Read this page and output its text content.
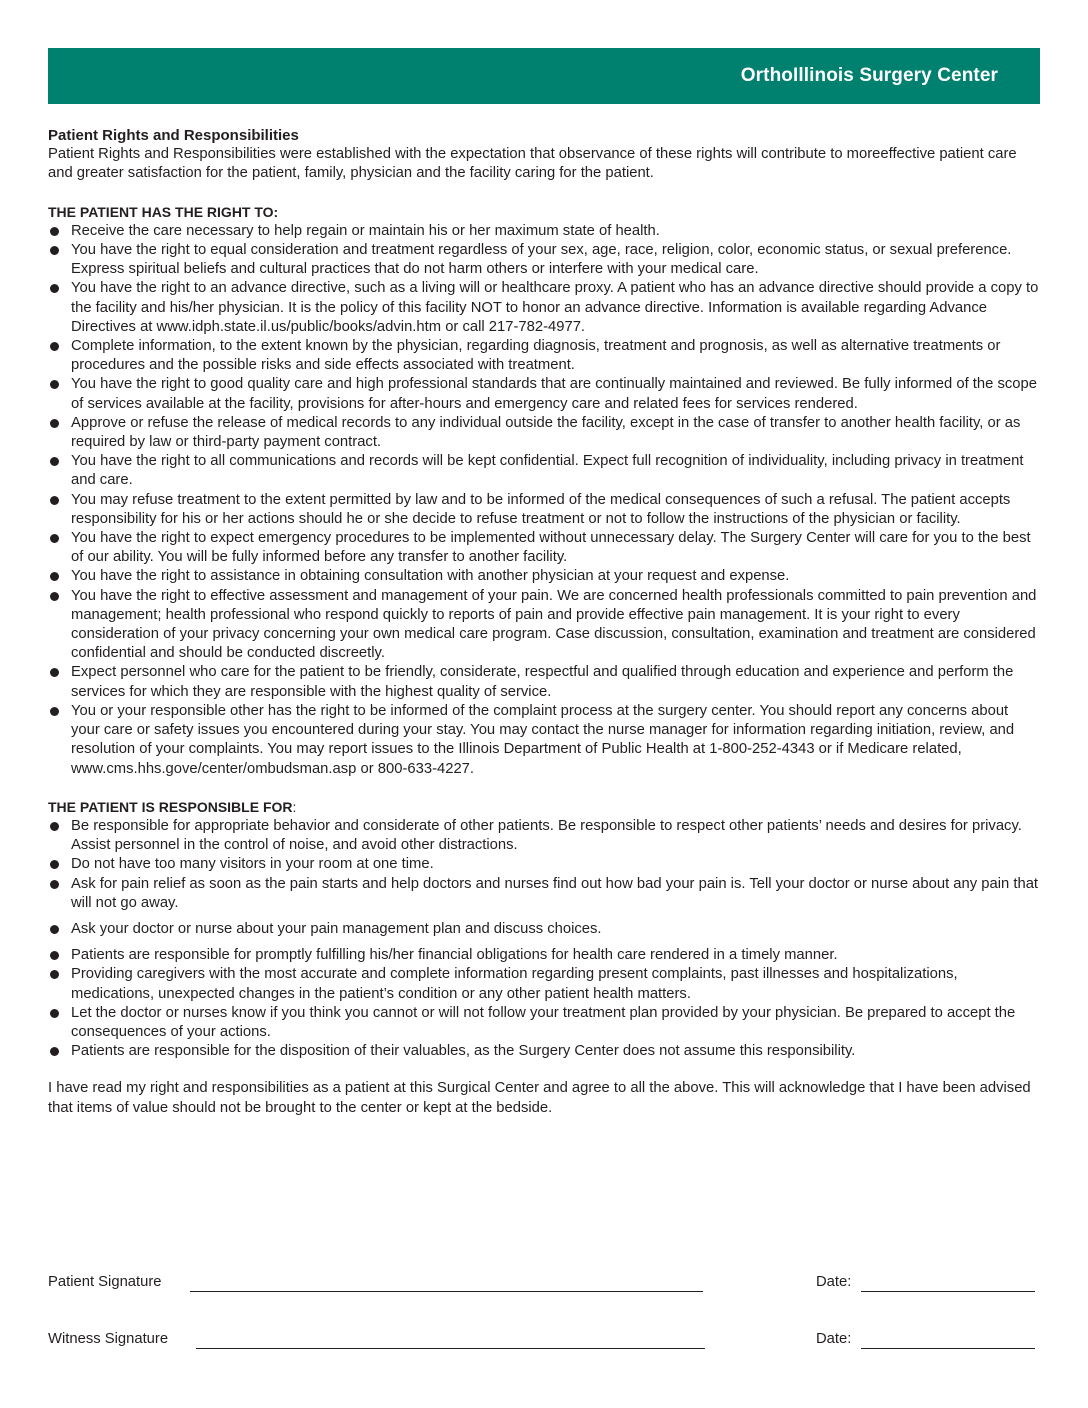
OrthoIllinois Surgery Center

Patient Rights and Responsibilities

Patient Rights and Responsibilities were established with the expectation that observance of these rights will contribute to moreeffective patient care and greater satisfaction for the patient, family, physician and the facility caring for the patient.

THE PATIENT HAS THE RIGHT TO:

Receive the care necessary to help regain or maintain his or her maximum state of health.
You have the right to equal consideration and treatment regardless of your sex, age, race, religion, color, economic status, or sexual preference. Express spiritual beliefs and cultural practices that do not harm others or interfere with your medical care.
You have the right to an advance directive, such as a living will or healthcare proxy. A patient who has an advance directive should provide a copy to the facility and his/her physician. It is the policy of this facility NOT to honor an advance directive. Information is available regarding Advance Directives at www.idph.state.il.us/public/books/advin.htm or call 217-782-4977.
Complete information, to the extent known by the physician, regarding diagnosis, treatment and prognosis, as well as alternative treatments or procedures and the possible risks and side effects associated with treatment.
You have the right to good quality care and high professional standards that are continually maintained and reviewed. Be fully informed of the scope of services available at the facility, provisions for after-hours and emergency care and related fees for services rendered.
Approve or refuse the release of medical records to any individual outside the facility, except in the case of transfer to another health facility, or as required by law or third-party payment contract.
You have the right to all communications and records will be kept confidential. Expect full recognition of individuality, including privacy in treatment and care.
You may refuse treatment to the extent permitted by law and to be informed of the medical consequences of such a refusal. The patient accepts responsibility for his or her actions should he or she decide to refuse treatment or not to follow the instructions of the physician or facility.
You have the right to expect emergency procedures to be implemented without unnecessary delay. The Surgery Center will care for you to the best of our ability. You will be fully informed before any transfer to another facility.
You have the right to assistance in obtaining consultation with another physician at your request and expense.
You have the right to effective assessment and management of your pain. We are concerned health professionals committed to pain prevention and management; health professional who respond quickly to reports of pain and provide effective pain management. It is your right to every consideration of your privacy concerning your own medical care program. Case discussion, consultation, examination and treatment are considered confidential and should be conducted discreetly.
Expect personnel who care for the patient to be friendly, considerate, respectful and qualified through education and experience and perform the services for which they are responsible with the highest quality of service.
You or your responsible other has the right to be informed of the complaint process at the surgery center. You should report any concerns about your care or safety issues you encountered during your stay. You may contact the nurse manager for information regarding initiation, review, and resolution of your complaints. You may report issues to the Illinois Department of Public Health at 1-800-252-4343 or if Medicare related, www.cms.hhs.gove/center/ombudsman.asp or 800-633-4227.

THE PATIENT IS RESPONSIBLE FOR:

Be responsible for appropriate behavior and considerate of other patients. Be responsible to respect other patients’ needs and desires for privacy. Assist personnel in the control of noise, and avoid other distractions.
Do not have too many visitors in your room at one time.
Ask for pain relief as soon as the pain starts and help doctors and nurses find out how bad your pain is. Tell your doctor or nurse about any pain that will not go away.
Ask your doctor or nurse about your pain management plan and discuss choices.
Patients are responsible for promptly fulfilling his/her financial obligations for health care rendered in a timely manner.
Providing caregivers with the most accurate and complete information regarding present complaints, past illnesses and hospitalizations, medications, unexpected changes in the patient’s condition or any other patient health matters.
Let the doctor or nurses know if you think you cannot or will not follow your treatment plan provided by your physician. Be prepared to accept the consequences of your actions.
Patients are responsible for the disposition of their valuables, as the Surgery Center does not assume this responsibility.

I have read my right and responsibilities as a patient at this Surgical Center and agree to all the above. This will acknowledge that I have been advised that items of value should not be brought to the center or kept at the bedside.

Patient Signature	Date:
Witness Signature	Date:
